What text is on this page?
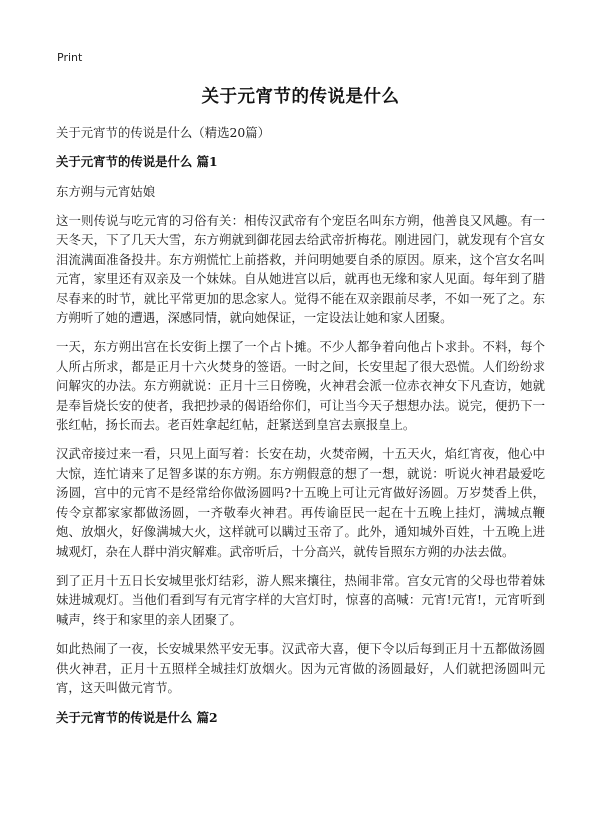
Print
关于元宵节的传说是什么
关于元宵节的传说是什么（精选20篇）
关于元宵节的传说是什么 篇1
东方朔与元宵姑娘

这一则传说与吃元宵的习俗有关：相传汉武帝有个宠臣名叫东方朔，他善良又风趣。有一天冬天，下了几天大雪，东方朔就到御花园去给武帝折梅花。刚进园门，就发现有个宫女泪流满面准备投井。东方朔慌忙上前搭救，并问明她要自杀的原因。原来，这个宫女名叫元宵，家里还有双亲及一个妹妹。自从她进宫以后，就再也无缘和家人见面。每年到了腊尽春来的时节，就比平常更加的思念家人。觉得不能在双亲跟前尽孝，不如一死了之。东方朔听了她的遭遇，深感同情，就向她保证，一定设法让她和家人团聚。

一天，东方朔出宫在长安街上摆了一个占卜摊。不少人都争着向他占卜求卦。不料，每个人所占所求，都是正月十六火焚身的签语。一时之间，长安里起了很大恐慌。人们纷纷求问解灾的办法。东方朔就说：正月十三日傍晚，火神君会派一位赤衣神女下凡查访，她就是奉旨烧长安的使者，我把抄录的偈语给你们，可让当今天子想想办法。说完，便扔下一张红帖，扬长而去。老百姓拿起红帖，赶紧送到皇宫去禀报皇上。

汉武帝接过来一看，只见上面写着：长安在劫，火焚帝阙，十五天火，焰红宵夜，他心中大惊，连忙请来了足智多谋的东方朔。东方朔假意的想了一想，就说：听说火神君最爱吃汤圆，宫中的元宵不是经常给你做汤圆吗?十五晚上可让元宵做好汤圆。万岁焚香上供，传令京都家家都做汤圆，一齐敬奉火神君。再传谕臣民一起在十五晚上挂灯，满城点鞭炮、放烟火，好像满城大火，这样就可以瞒过玉帝了。此外，通知城外百姓，十五晚上进城观灯，杂在人群中消灾解难。武帝听后，十分高兴，就传旨照东方朔的办法去做。

到了正月十五日长安城里张灯结彩，游人熙来攘往，热闹非常。宫女元宵的父母也带着妹妹进城观灯。当他们看到写有元宵字样的大宫灯时，惊喜的高喊：元宵!元宵!，元宵听到喊声，终于和家里的亲人团聚了。

如此热闹了一夜，长安城果然平安无事。汉武帝大喜，便下令以后每到正月十五都做汤圆供火神君，正月十五照样全城挂灯放烟火。因为元宵做的汤圆最好，人们就把汤圆叫元宵，这天叫做元宵节。

关于元宵节的传说是什么 篇2
